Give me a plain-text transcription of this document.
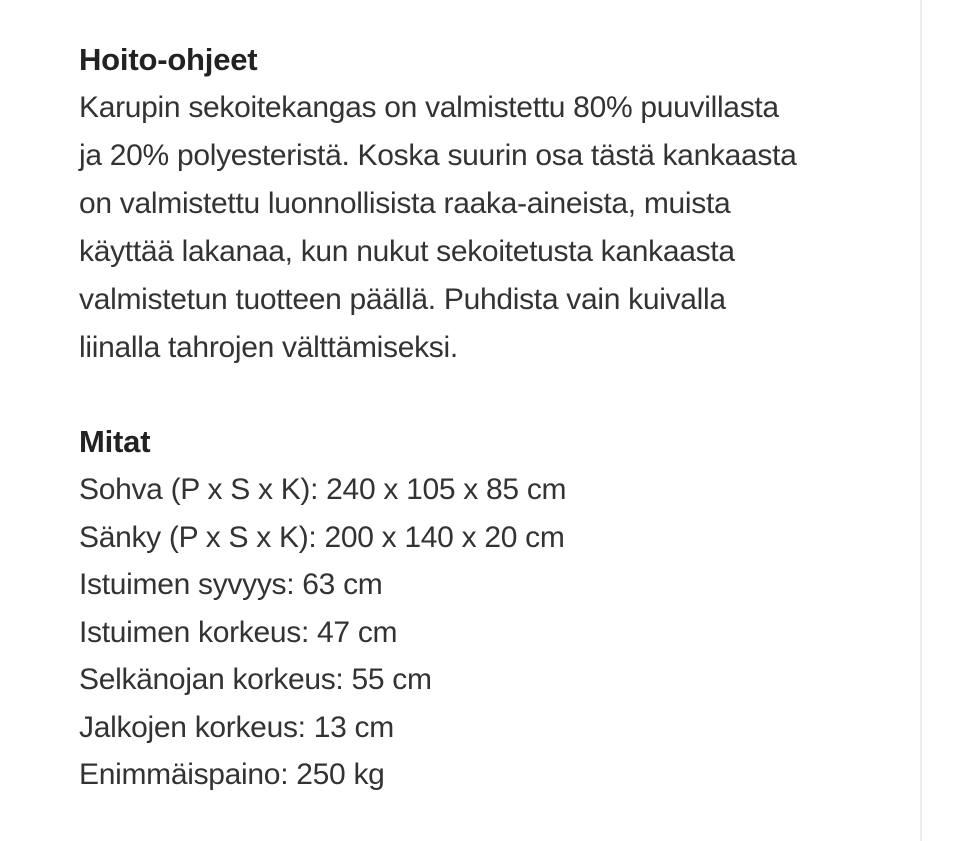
Hoito-ohjeet

Karupin sekoitekangas on valmistettu 80% puuvillasta
ja 20% polyesteristä. Koska suurin osa tästä kankaasta
on valmistettu luonnollisista raaka-aineista, muista
käyttää lakanaa, kun nukut sekoitetusta kankaasta
valmistetun tuotteen päällä. Puhdista vain kuivalla
liinalla tahrojen välttämiseksi.

Mitat
Sohva (P x S x K): 240 x 105 x 85 cm
Sänky (P x S x K): 200 x 140 x 20 cm
Istuimen syvyys: 63 cm
Istuimen korkeus: 47 cm
Selkänojan korkeus: 55 cm
Jalkojen korkeus: 13 cm
Enimmäispaino: 250 kg
